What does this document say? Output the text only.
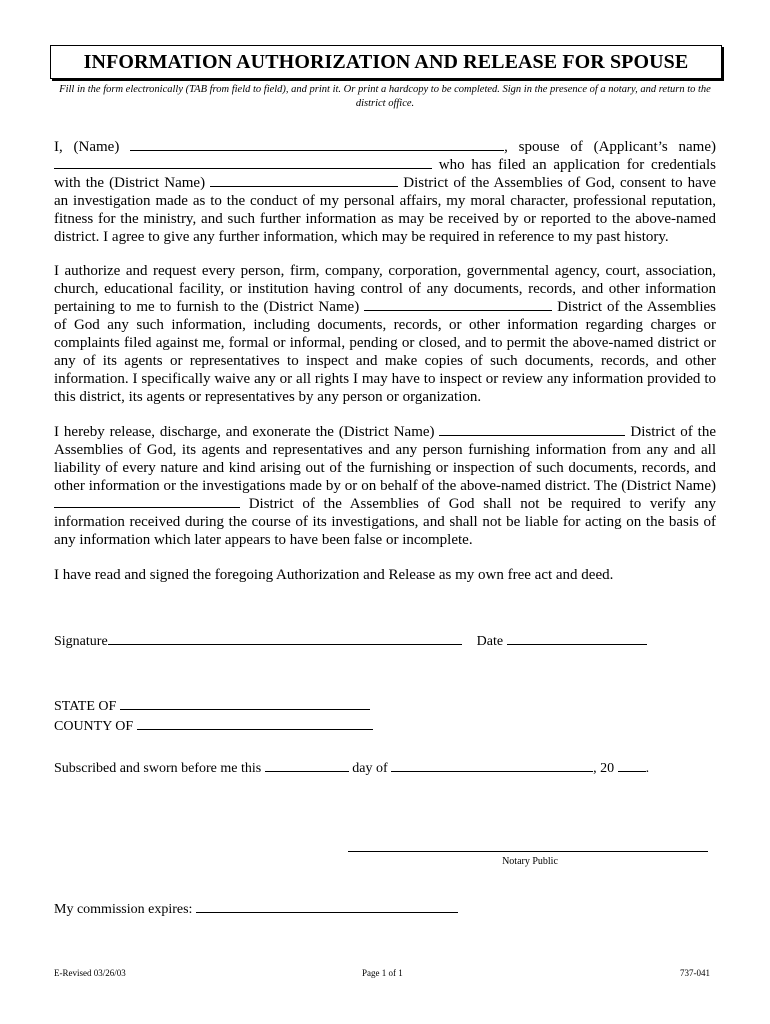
INFORMATION AUTHORIZATION AND RELEASE FOR SPOUSE
Fill in the form electronically (TAB from field to field), and print it. Or print a hardcopy to be completed. Sign in the presence of a notary, and return to the district office.
I, (Name)	, spouse of (Applicant’s name)  who has filed an application for credentials with the (District Name)	District of the Assemblies of God, consent to have an investigation made as to the conduct of my personal affairs, my moral character, professional reputation, fitness for the ministry, and such further information as may be received by or reported to the above-named district. I agree to give any further information, which may be required in reference to my past history.
I authorize and request every person, firm, company, corporation, governmental agency, court, association, church, educational facility, or institution having control of any documents, records, and other information pertaining to me to furnish to the (District Name)	District of the Assemblies of God any such information, including documents, records, or other information regarding charges or complaints filed against me, formal or informal, pending or closed, and to permit the above-named district or any of its agents or representatives to inspect and make copies of such documents, records, and other information. I specifically waive any or all rights I may have to inspect or review any information provided to this district, its agents or representatives by any person or organization.
I hereby release, discharge, and exonerate the (District Name)	District of the Assemblies of God, its agents and representatives and any person furnishing information from any and all liability of every nature and kind arising out of the furnishing or inspection of such documents, records, and other information or the investigations made by or on behalf of the above-named district. The (District Name)  District of the Assemblies of God shall not be required to verify any information received during the course of its investigations, and shall not be liable for acting on the basis of any information which later appears to have been false or incomplete.
I have read and signed the foregoing Authorization and Release as my own free act and deed.
Signature	Date
STATE OF
COUNTY OF
Subscribed and sworn before me this	day of	, 20 .
Notary Public
My commission expires:
E-Revised 03/26/03	Page 1 of 1	737-041
